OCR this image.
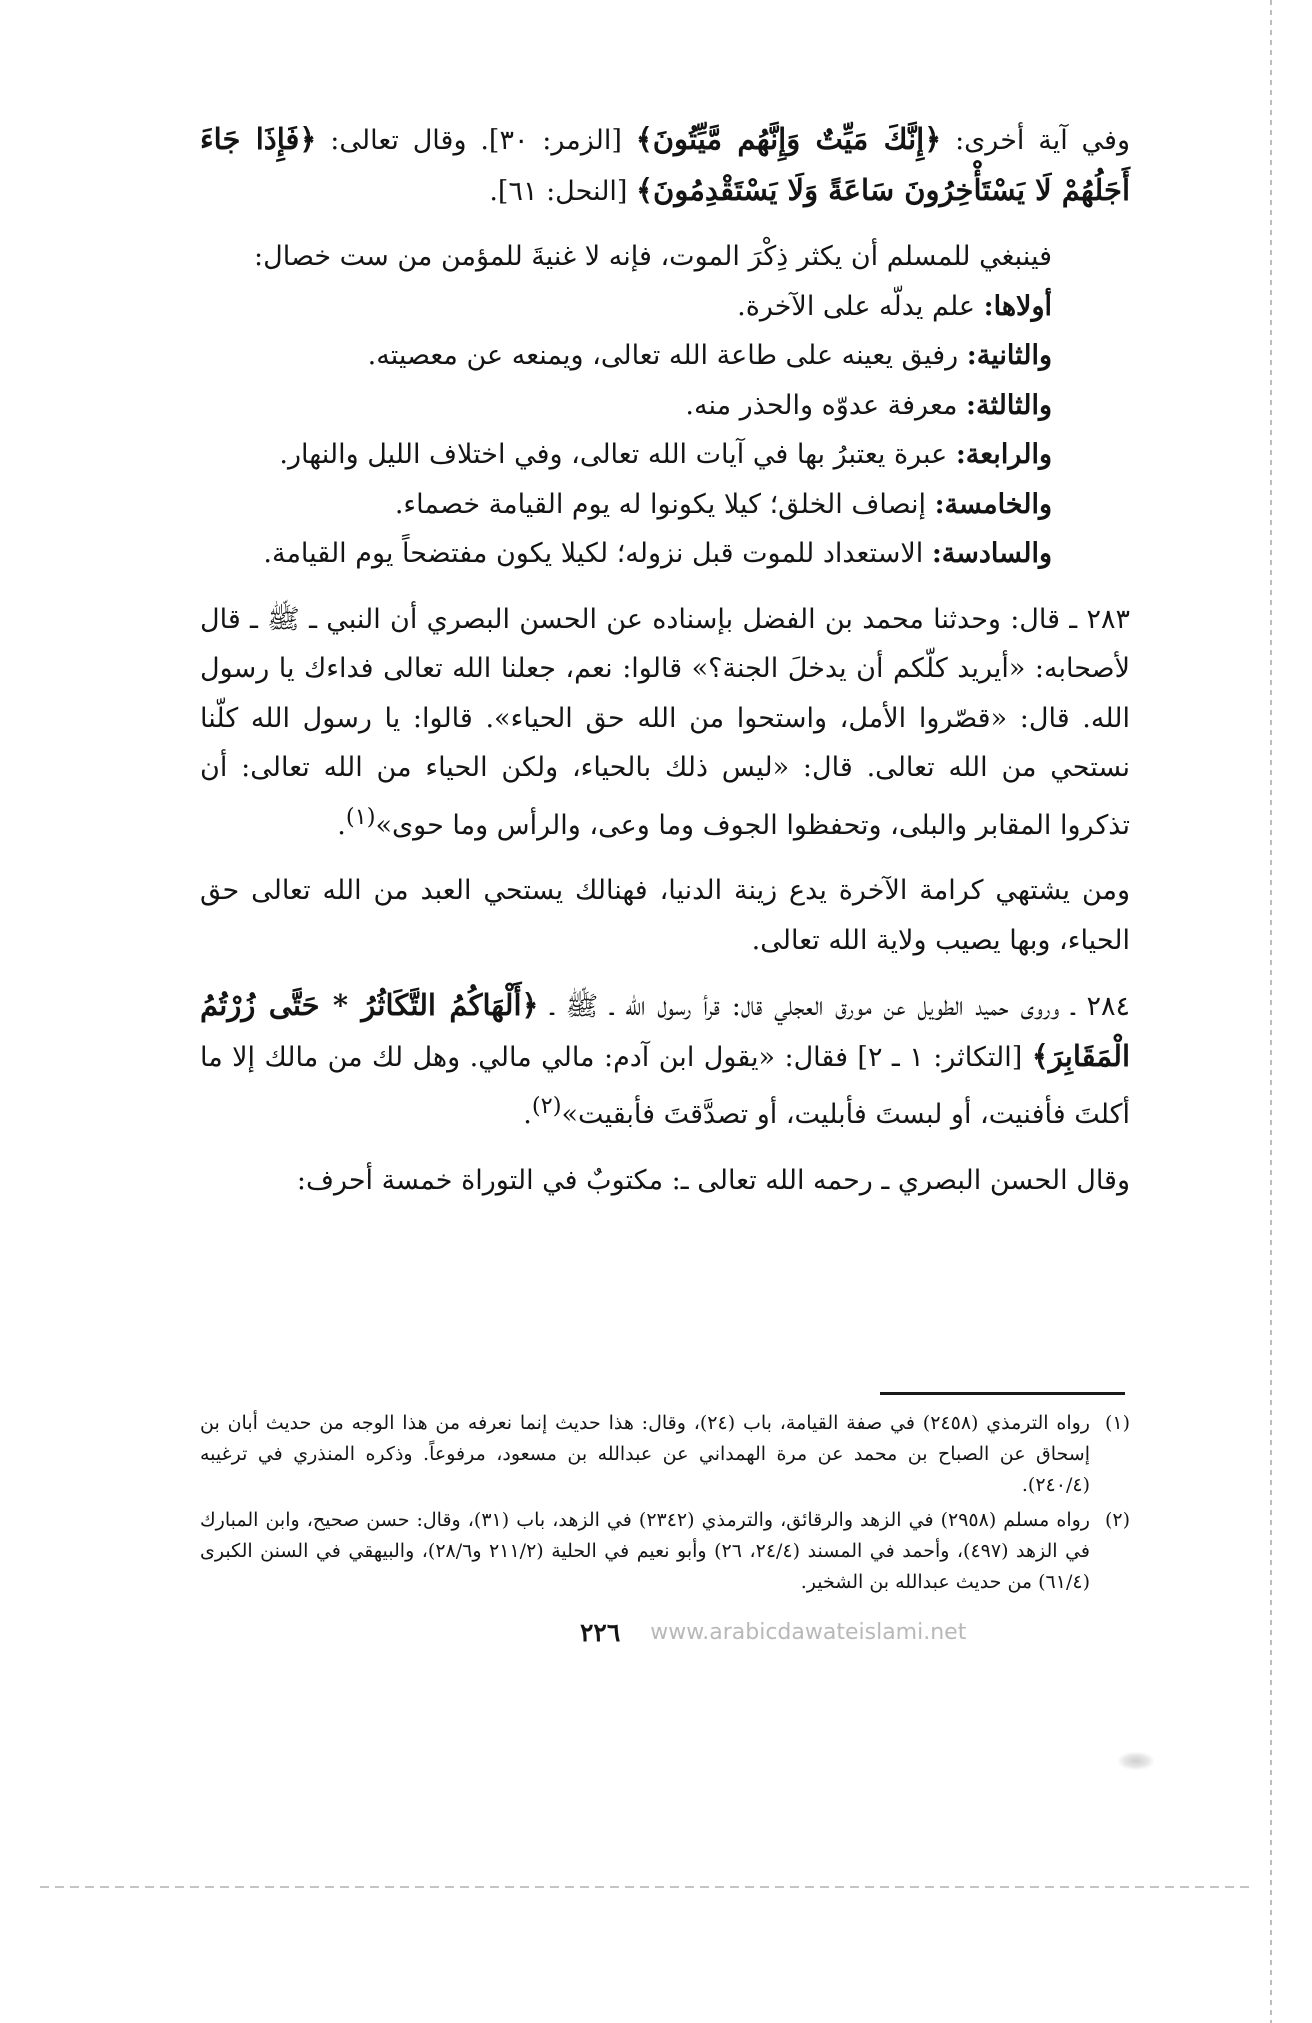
وفي آية أخرى: ﴿إِنَّكَ مَيِّتٌ وَإِنَّهُم مَّيِّتُونَ﴾ [الزمر: ٣٠]. وقال تعالى: ﴿فَإِذَا جَاءَ أَجَلُهُمْ لَا يَسْتَأْخِرُونَ سَاعَةً وَلَا يَسْتَقْدِمُونَ﴾ [النحل: ٦١].

فينبغي للمسلم أن يكثر ذِكْرَ الموت، فإنه لا غنيةَ للمؤمن من ست خصال:

أولاها: علم يدلّه على الآخرة.

والثانية: رفيق يعينه على طاعة الله تعالى، ويمنعه عن معصيته.

والثالثة: معرفة عدوّه والحذر منه.

والرابعة: عبرة يعتبرُ بها في آيات الله تعالى، وفي اختلاف الليل والنهار.

والخامسة: إنصاف الخلق؛ كيلا يكونوا له يوم القيامة خصماء.

والسادسة: الاستعداد للموت قبل نزوله؛ لكيلا يكون مفتضحاً يوم القيامة.

٢٨٣ ـ قال: وحدثنا محمد بن الفضل بإسناده عن الحسن البصري أن النبي ـ ﷺ ـ قال لأصحابه: «أيريد كلّكم أن يدخلَ الجنة؟» قالوا: نعم، جعلنا الله تعالى فداءك يا رسول الله. قال: «قصّروا الأمل، واستحوا من الله حق الحياء». قالوا: يا رسول الله كلّنا نستحي من الله تعالى. قال: «ليس ذلك بالحياء، ولكن الحياء من الله تعالى: أن تذكروا المقابر والبلى، وتحفظوا الجوف وما وعى، والرأس وما حوى»$^{(١)}$.

ومن يشتهي كرامة الآخرة يدع زينة الدنيا، فهنالك يستحي العبد من الله تعالى حق الحياء، وبها يصيب ولاية الله تعالى.

٢٨٤ ـ وروى حميد الطويل عن مورق العجلي قال: قرأ رسول الله ـ ﷺ ـ ﴿أَلْهَاكُمُ التَّكَاثُرُ * حَتَّى زُرْتُمُ الْمَقَابِرَ﴾ [التكاثر: ١ ـ ٢] فقال: «يقول ابن آدم: مالي مالي. وهل لك من مالك إلا ما أكلتَ فأفنيت، أو لبستَ فأبليت، أو تصدَّقتَ فأبقيت»$^{(٢)}$.

وقال الحسن البصري ـ رحمه الله تعالى ـ: مكتوبٌ في التوراة خمسة أحرف:

(١)
رواه الترمذي (٢٤٥٨) في صفة القيامة، باب (٢٤)، وقال: هذا حديث إنما نعرفه من هذا الوجه من حديث أبان بن إسحاق عن الصباح بن محمد عن مرة الهمداني عن عبدالله بن مسعود، مرفوعاً. وذكره المنذري في ترغيبه (٢٤٠/٤).
(٢)
رواه مسلم (٢٩٥٨) في الزهد والرقائق، والترمذي (٢٣٤٢) في الزهد، باب (٣١)، وقال: حسن صحيح، وابن المبارك في الزهد (٤٩٧)، وأحمد في المسند (٢٤/٤، ٢٦) وأبو نعيم في الحلية (٢١١/٢ و٢٨/٦)، والبيهقي في السنن الكبرى (٦١/٤) من حديث عبدالله بن الشخير.
٢٢٦ www.arabicdawateislami.net
